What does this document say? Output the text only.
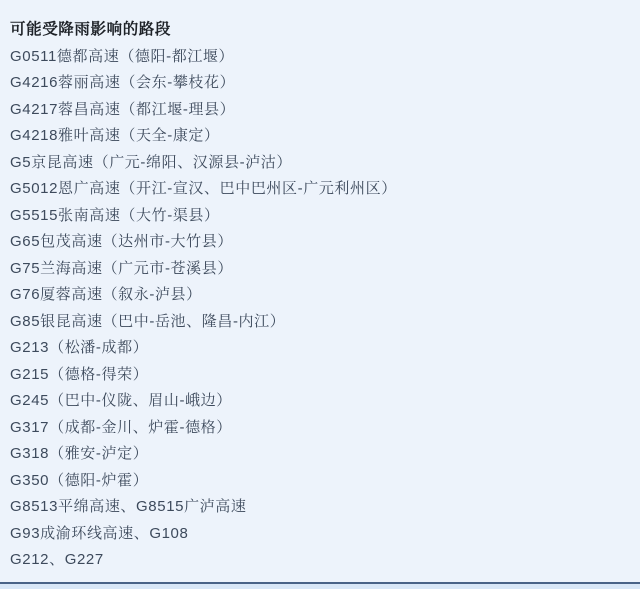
可能受降雨影响的路段
G0511德都高速（德阳-都江堰）
G4216蓉丽高速（会东-攀枝花）
G4217蓉昌高速（都江堰-理县）
G4218雅叶高速（天全-康定）
G5京昆高速（广元-绵阳、汉源县-泸沽）
G5012恩广高速（开江-宣汉、巴中巴州区-广元利州区）
G5515张南高速（大竹-渠县）
G65包茂高速（达州市-大竹县）
G75兰海高速（广元市-苍溪县）
G76厦蓉高速（叙永-泸县）
G85银昆高速（巴中-岳池、隆昌-内江）
G213（松潘-成都）
G215（德格-得荣）
G245（巴中-仪陇、眉山-峨边）
G317（成都-金川、炉霍-德格）
G318（雅安-泸定）
G350（德阳-炉霍）
G8513平绵高速、G8515广泸高速
G93成渝环线高速、G108
G212、G227
